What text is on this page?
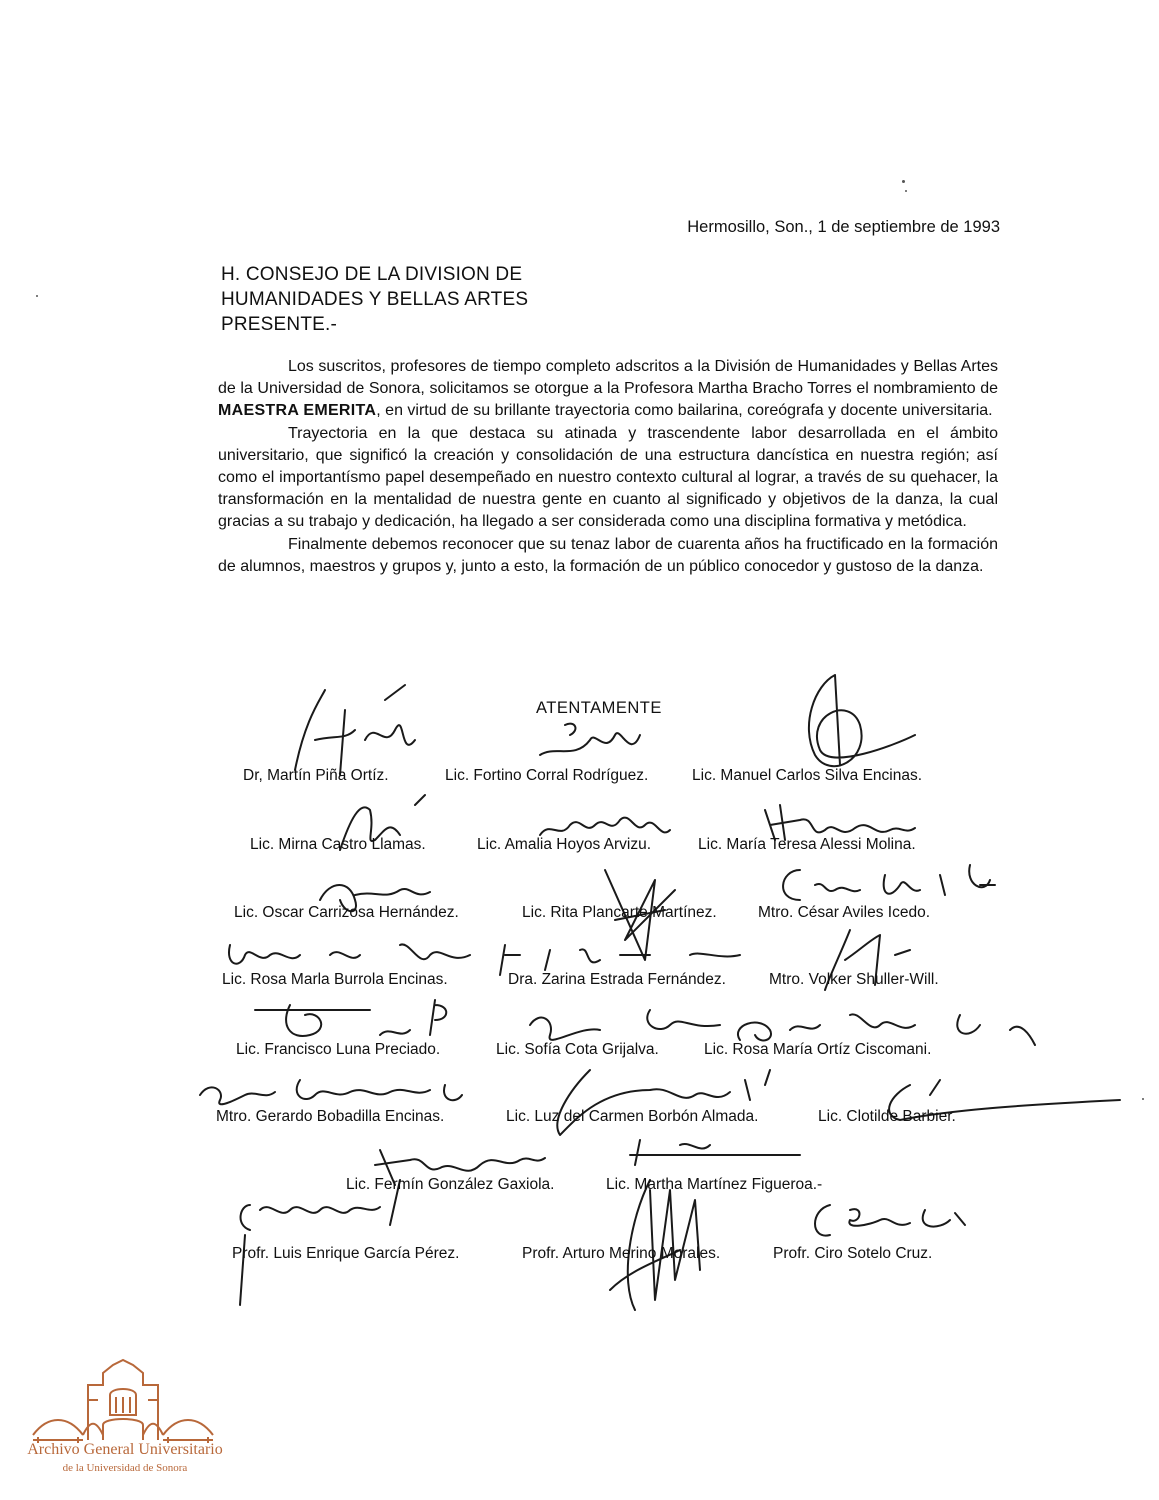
Hermosillo, Son., 1 de septiembre de 1993
H. CONSEJO DE LA DIVISION DE
HUMANIDADES Y BELLAS ARTES
PRESENTE.-

Los suscritos, profesores de tiempo completo adscritos a la División de Humanidades y Bellas Artes de la Universidad de Sonora, solicitamos se otorgue a la Profesora Martha Bracho Torres el nombramiento de MAESTRA EMERITA, en virtud de su brillante trayectoria como bailarina, coreógrafa y docente universitaria.

Trayectoria en la que destaca su atinada y trascendente labor desarrollada en el ámbito universitario, que significó la creación y consolidación de una estructura dancística en nuestra región; así como el importantísmo papel desempeñado en nuestro contexto cultural al lograr, a través de su quehacer, la transformación en la mentalidad de nuestra gente en cuanto al significado y objetivos de la danza, la cual gracias a su trabajo y dedicación, ha llegado a ser considerada como una disciplina formativa y metódica.

Finalmente debemos reconocer que su tenaz labor de cuarenta años ha fructificado en la formación de alumnos, maestros y grupos y, junto a esto, la formación de un público conocedor y gustoso de la danza.

ATENTAMENTE
Dr, Martín Piña Ortíz.	Lic. Fortino Corral Rodríguez.	Lic. Manuel Carlos Silva Encinas.
Lic. Mirna Castro Llamas.	Lic. Amalia Hoyos Arvizu.	Lic. María Teresa Alessi Molina.
Lic. Oscar Carrizosa Hernández.	Lic. Rita Plancarte Martínez.	Mtro. César Aviles Icedo.
Lic. Rosa Marla Burrola Encinas.	Dra. Zarina Estrada Fernández.	Mtro. Volker Shuller-Will.
Lic. Francisco Luna Preciado.	Lic. Sofía Cota Grijalva.	Lic. Rosa María Ortíz Ciscomani.
Mtro. Gerardo Bobadilla Encinas.	Lic. Luz del Carmen Borbón Almada.	Lic. Clotilde Barbier.
Lic. Fermín González Gaxiola.	Lic. Martha Martínez Figueroa.-
Profr. Luis Enrique García Pérez.	Profr. Arturo Merino Morales.	Profr. Ciro Sotelo Cruz.
Archivo General Universitario
de la Universidad de Sonora
